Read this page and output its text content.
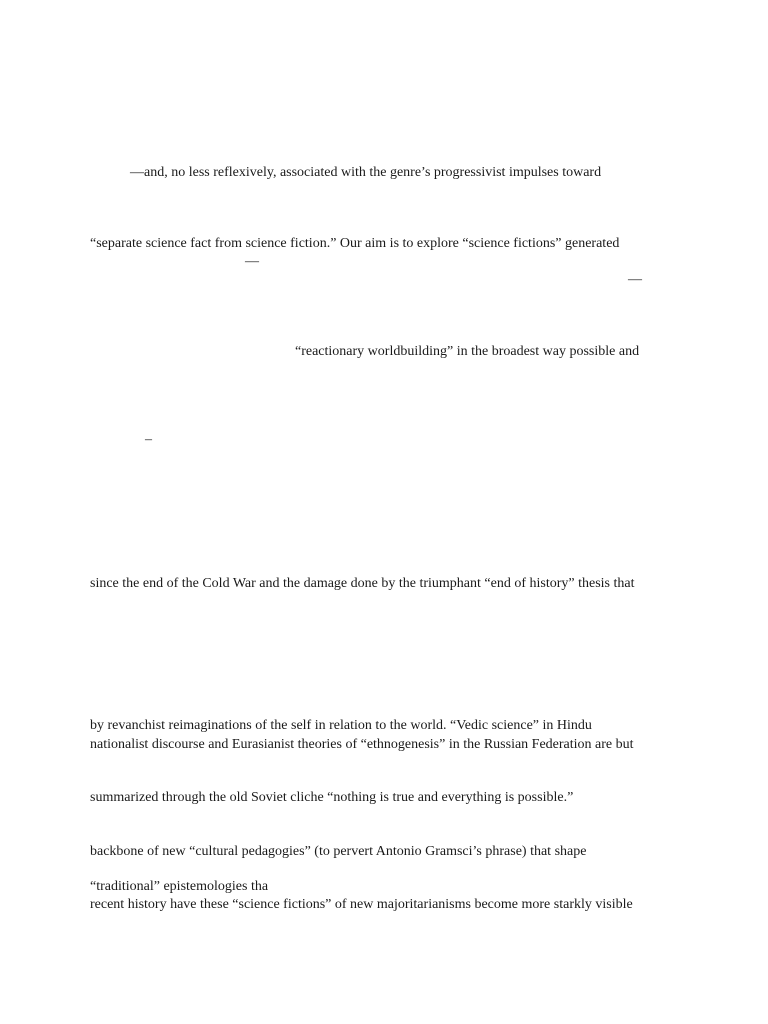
—and, no less reflexively, associated with the genre’s progressivist impulses toward

“separate science fact from science fiction.” Our aim is to explore “science fictions” generated

—

—

“reactionary worldbuilding” in the broadest way possible and

–

since the end of the Cold War and the damage done by the triumphant “end of history” thesis that

by revanchist reimaginations of the self in relation to the world. “Vedic science” in Hindu

nationalist discourse and Eurasianist theories of “ethnogenesis” in the Russian Federation are but

summarized through the old Soviet cliche “nothing is true and everything is possible.”

backbone of new “cultural pedagogies” (to pervert Antonio Gramsci’s phrase) that shape

“traditional” epistemologies tha

recent history have these “science fictions” of new majoritarianisms become more starkly visible
